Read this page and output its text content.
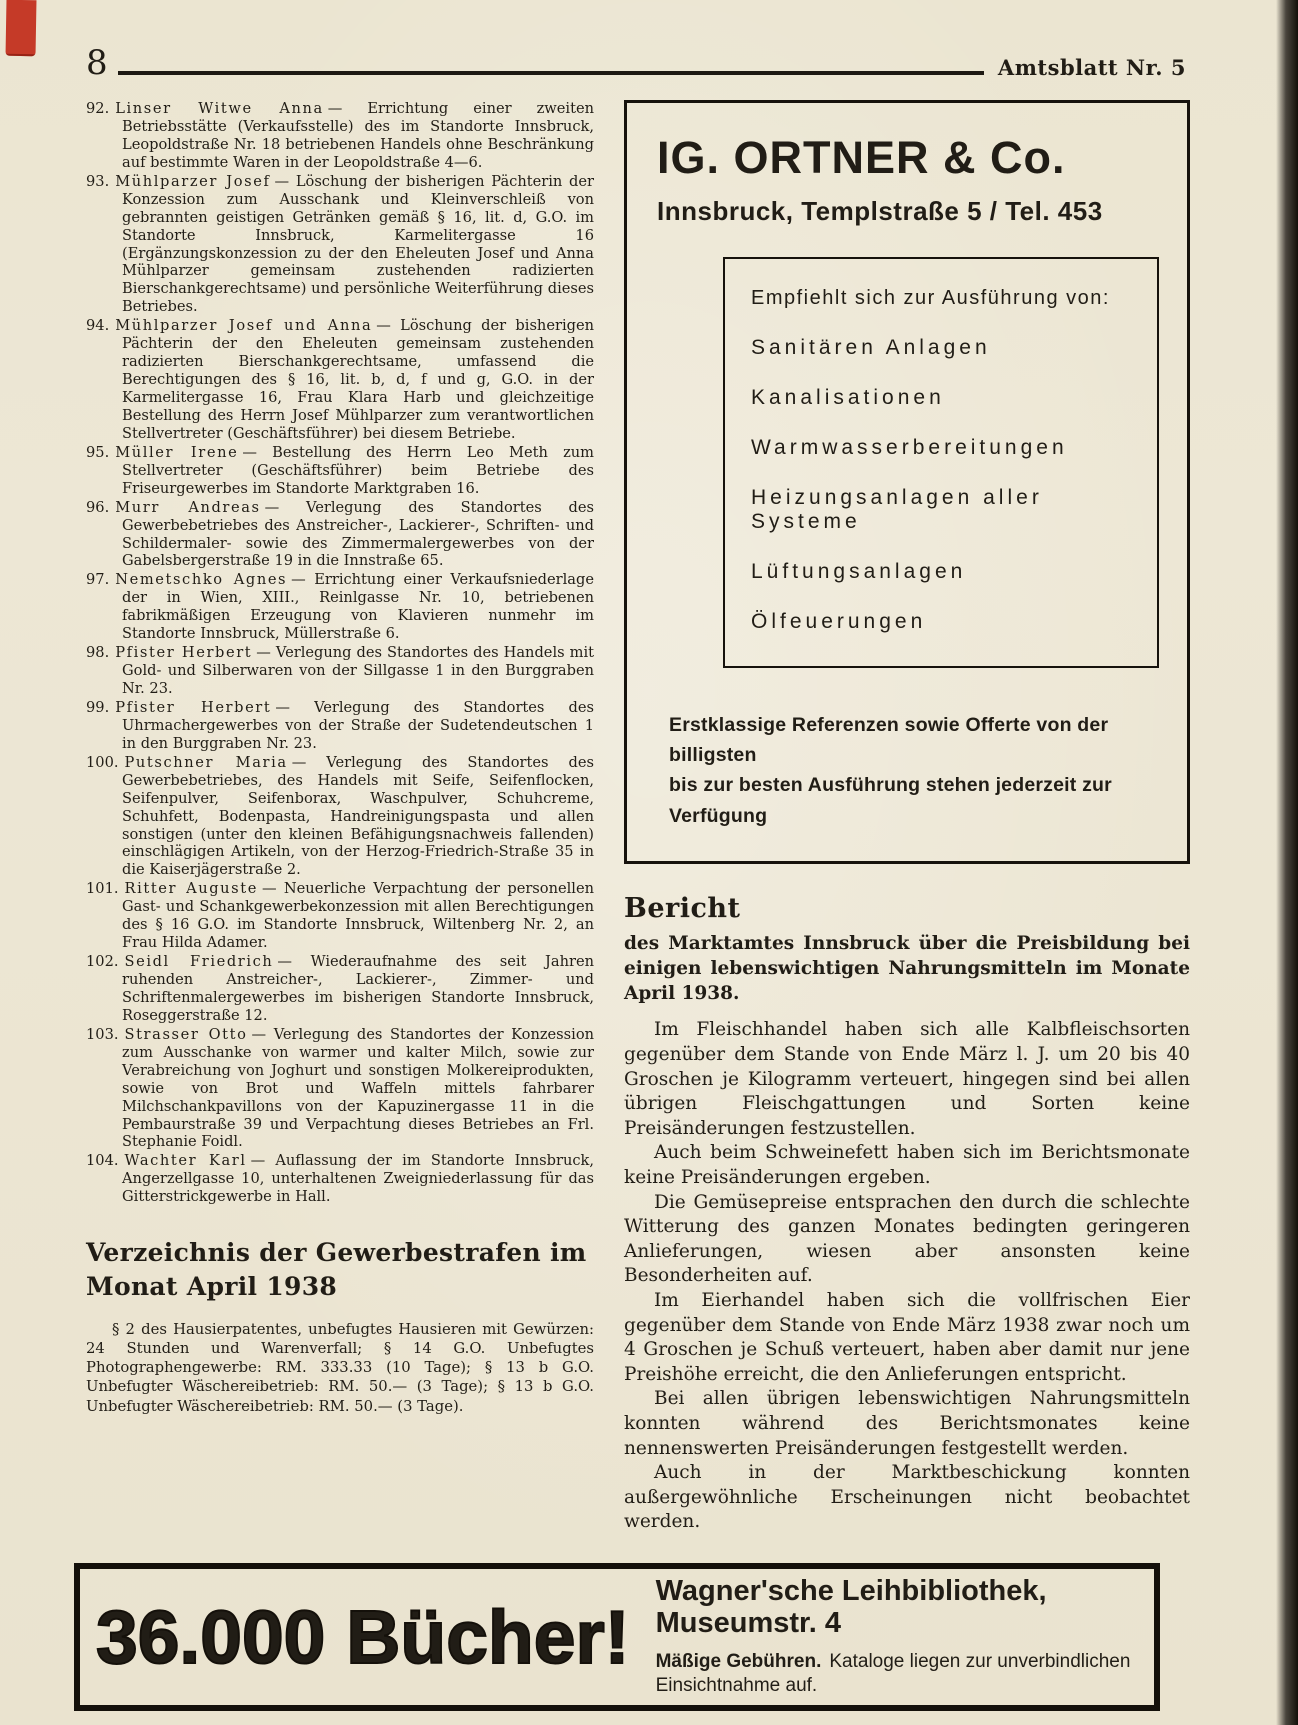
8	Amtsblatt Nr. 5
92. Linser Witwe Anna — Errichtung einer zweiten Betriebsstätte (Verkaufsstelle) des im Standorte Innsbruck, Leopoldstraße Nr. 18 betriebenen Handels ohne Beschränkung auf bestimmte Waren in der Leopoldstraße 4—6.
93. Mühlparzer Josef — Löschung der bisherigen Pächterin der Konzession zum Ausschank und Kleinverschleiß von gebrannten geistigen Getränken gemäß § 16, lit. d, G.O. im Standorte Innsbruck, Karmelitergasse 16 (Ergänzungskonzession zu der den Eheleuten Josef und Anna Mühlparzer gemeinsam zustehenden radizierten Bierschankgerechtsame) und persönliche Weiterführung dieses Betriebes.
94. Mühlparzer Josef und Anna — Löschung der bisherigen Pächterin der den Eheleuten gemeinsam zustehenden radizierten Bierschankgerechtsame, umfassend die Berechtigungen des § 16, lit. b, d, f und g, G.O. in der Karmelitergasse 16, Frau Klara Harb und gleichzeitige Bestellung des Herrn Josef Mühlparzer zum verantwortlichen Stellvertreter (Geschäftsführer) bei diesem Betriebe.
95. Müller Irene — Bestellung des Herrn Leo Meth zum Stellvertreter (Geschäftsführer) beim Betriebe des Friseurgewerbes im Standorte Marktgraben 16.
96. Murr Andreas — Verlegung des Standortes des Gewerbebetriebes des Anstreicher-, Lackierer-, Schriften- und Schildermaler- sowie des Zimmermalergewerbes von der Gabelsbergerstraße 19 in die Innstraße 65.
97. Nemetschko Agnes — Errichtung einer Verkaufsniederlage der in Wien, XIII., Reinlgasse Nr. 10, betriebenen fabrikmäßigen Erzeugung von Klavieren nunmehr im Standorte Innsbruck, Müllerstraße 6.
98. Pfister Herbert — Verlegung des Standortes des Handels mit Gold- und Silberwaren von der Sillgasse 1 in den Burggraben Nr. 23.
99. Pfister Herbert — Verlegung des Standortes des Uhrmachergewerbes von der Straße der Sudetendeutschen 1 in den Burggraben Nr. 23.
100. Putschner Maria — Verlegung des Standortes des Gewerbebetriebes, des Handels mit Seife, Seifenflocken, Seifenpulver, Seifenborax, Waschpulver, Schuhcreme, Schuhfett, Bodenpasta, Handreinigungspasta und allen sonstigen (unter den kleinen Befähigungsnachweis fallenden) einschlägigen Artikeln, von der Herzog-Friedrich-Straße 35 in die Kaiserjägerstraße 2.
101. Ritter Auguste — Neuerliche Verpachtung der personellen Gast- und Schankgewerbekonzession mit allen Berechtigungen des § 16 G.O. im Standorte Innsbruck, Wiltenberg Nr. 2, an Frau Hilda Adamer.
102. Seidl Friedrich — Wiederaufnahme des seit Jahren ruhenden Anstreicher-, Lackierer-, Zimmer- und Schriftenmalergewerbes im bisherigen Standorte Innsbruck, Roseggerstraße 12.
103. Strasser Otto — Verlegung des Standortes der Konzession zum Ausschanke von warmer und kalter Milch, sowie zur Verabreichung von Joghurt und sonstigen Molkereiprodukten, sowie von Brot und Waffeln mittels fahrbarer Milchschankpavillons von der Kapuzinergasse 11 in die Pembaurstraße 39 und Verpachtung dieses Betriebes an Frl. Stephanie Foidl.
104. Wachter Karl — Auflassung der im Standorte Innsbruck, Angerzellgasse 10, unterhaltenen Zweigniederlassung für das Gitterstrickgewerbe in Hall.
Verzeichnis der Gewerbestrafen im Monat April 1938

§ 2 des Hausierpatentes, unbefugtes Hausieren mit Gewürzen: 24 Stunden und Warenverfall; § 14 G.O. Unbefugtes Photographengewerbe: RM. 333.33 (10 Tage); § 13 b G.O. Unbefugter Wäschereibetrieb: RM. 50.— (3 Tage); § 13 b G.O. Unbefugter Wäschereibetrieb: RM. 50.— (3 Tage).

IG. ORTNER & Co.
Innsbruck, Templstraße 5 / Tel. 453
Empfiehlt sich zur Ausführung von:
Sanitären Anlagen
Kanalisationen
Warmwasserbereitungen
Heizungsanlagen aller Systeme
Lüftungsanlagen
Ölfeuerungen
Erstklassige Referenzen sowie Offerte von der billigsten
bis zur besten Ausführung stehen jederzeit zur Verfügung
Bericht
des Marktamtes Innsbruck über die Preisbildung bei einigen lebenswichtigen Nahrungsmitteln im Monate April 1938.

Im Fleischhandel haben sich alle Kalbfleischsorten gegenüber dem Stande von Ende März l. J. um 20 bis 40 Groschen je Kilogramm verteuert, hingegen sind bei allen übrigen Fleischgattungen und Sorten keine Preisänderungen festzustellen.

Auch beim Schweinefett haben sich im Berichtsmonate keine Preisänderungen ergeben.

Die Gemüsepreise entsprachen den durch die schlechte Witterung des ganzen Monates bedingten geringeren Anlieferungen, wiesen aber ansonsten keine Besonderheiten auf.

Im Eierhandel haben sich die vollfrischen Eier gegenüber dem Stande von Ende März 1938 zwar noch um 4 Groschen je Schuß verteuert, haben aber damit nur jene Preishöhe erreicht, die den Anlieferungen entspricht.

Bei allen übrigen lebenswichtigen Nahrungsmitteln konnten während des Berichtsmonates keine nennenswerten Preisänderungen festgestellt werden.

Auch in der Marktbeschickung konnten außergewöhnliche Erscheinungen nicht beobachtet werden.

36.000 Bücher!
Wagner'sche Leihbibliothek, Museumstr. 4
Mäßige Gebühren. Kataloge liegen zur unverbindlichen Einsichtnahme auf.
